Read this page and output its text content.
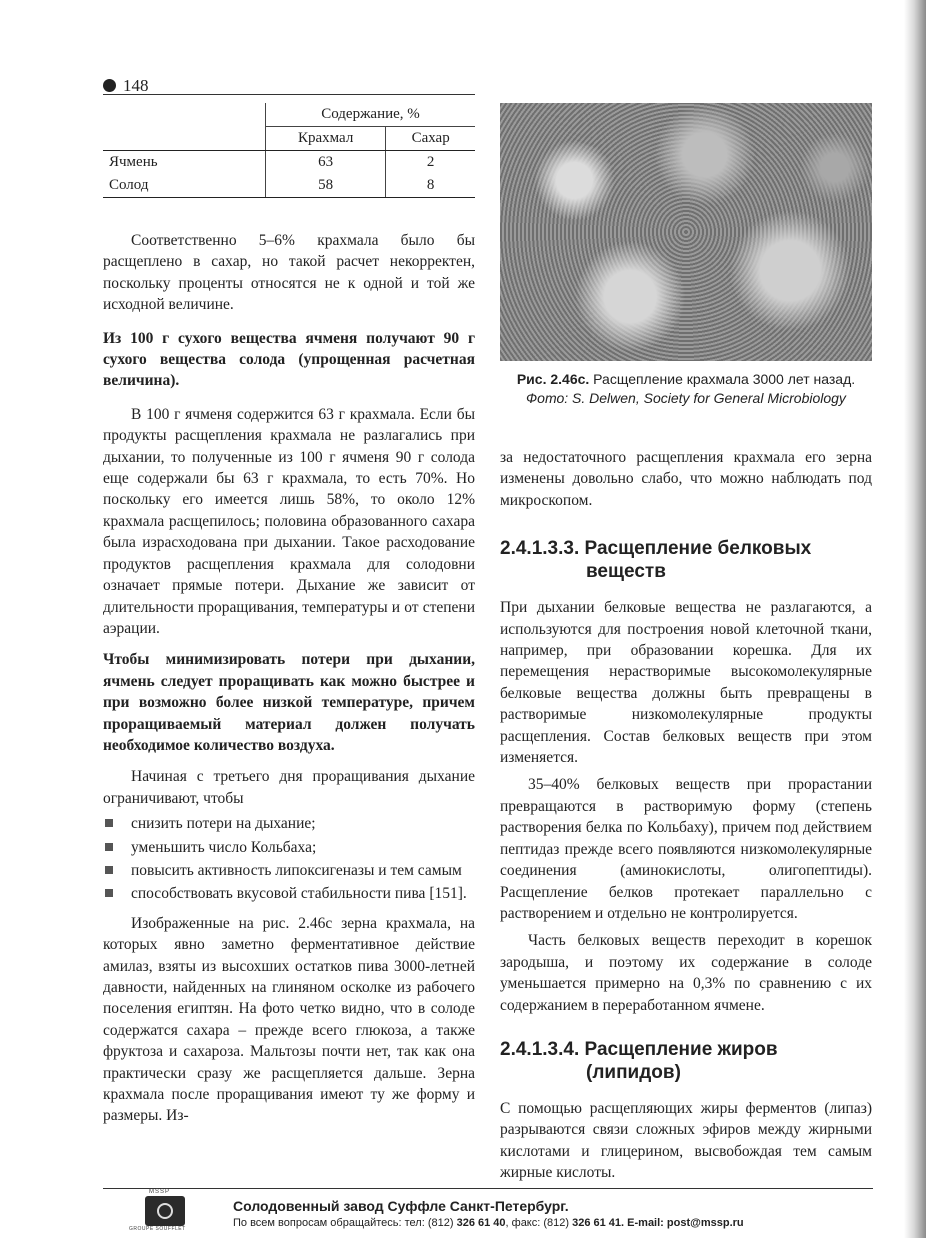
148
	Содержание, %	
	Крахмал	Сахар
Ячмень	63	2
Солод	58	8

Соответственно 5–6% крахмала было бы расщеплено в сахар, но такой расчет некорректен, поскольку проценты относятся не к одной и той же исходной величине.

Из 100 г сухого вещества ячменя получают 90 г сухого вещества солода (упрощенная расчетная величина).

В 100 г ячменя содержится 63 г крахмала. Если бы продукты расщепления крахмала не разлагались при дыхании, то полученные из 100 г ячменя 90 г солода еще содержали бы 63 г крахмала, то есть 70%. Но поскольку его имеется лишь 58%, то около 12% крахмала расщепилось; половина образованного сахара была израсходована при дыхании. Такое расходование продуктов расщепления крахмала для солодовни означает прямые потери. Дыхание же зависит от длительности проращивания, температуры и от степени аэрации.

Чтобы минимизировать потери при дыхании, ячмень следует проращивать как можно быстрее и при возможно более низкой температуре, причем проращиваемый материал должен получать необходимое количество воздуха.

Начиная с третьего дня проращивания дыхание ограничивают, чтобы

снизить потери на дыхание;
уменьшить число Кольбаха;
повысить активность липоксигеназы и тем самым
способствовать вкусовой стабильности пива [151].

Изображенные на рис. 2.46с зерна крахмала, на которых явно заметно ферментативное действие амилаз, взяты из высохших остатков пива 3000-летней давности, найденных на глиняном осколке из рабочего поселения египтян. На фото четко видно, что в солоде содержатся сахара – прежде всего глюкоза, а также фруктоза и сахароза. Мальтозы почти нет, так как она практически сразу же расщепляется дальше. Зерна крахмала после проращивания имеют ту же форму и размеры. Из-

Рис. 2.46с. Расщепление крахмала 3000 лет назад.
Фото: S. Delwen, Society for General Microbiology

за недостаточного расщепления крахмала его зерна изменены довольно слабо, что можно наблюдать под микроскопом.

2.4.1.3.3. Расщепление белковых
веществ

При дыхании белковые вещества не разлагаются, а используются для построения новой клеточной ткани, например, при образовании корешка. Для их перемещения нерастворимые высокомолекулярные белковые вещества должны быть превращены в растворимые низкомолекулярные продукты расщепления. Состав белковых веществ при этом изменяется.

35–40% белковых веществ при прорастании превращаются в растворимую форму (степень растворения белка по Кольбаху), причем под действием пептидаз прежде всего появляются низкомолекулярные соединения (аминокислоты, олигопептиды). Расщепление белков протекает параллельно с растворением и отдельно не контролируется.

Часть белковых веществ переходит в корешок зародыша, и поэтому их содержание в солоде уменьшается примерно на 0,3% по сравнению с их содержанием в переработанном ячмене.

2.4.1.3.4. Расщепление жиров
(липидов)

С помощью расщепляющих жиры ферментов (липаз) разрываются связи сложных эфиров между жирными кислотами и глицерином, высвобождая тем самым жирные кислоты.

MSSP
GROUPE SOUFFLET
Солодовенный завод Суффле Санкт-Петербург.
По всем вопросам обращайтесь: тел: (812) 326 61 40, факс: (812) 326 61 41. E-mail: post@mssp.ru
